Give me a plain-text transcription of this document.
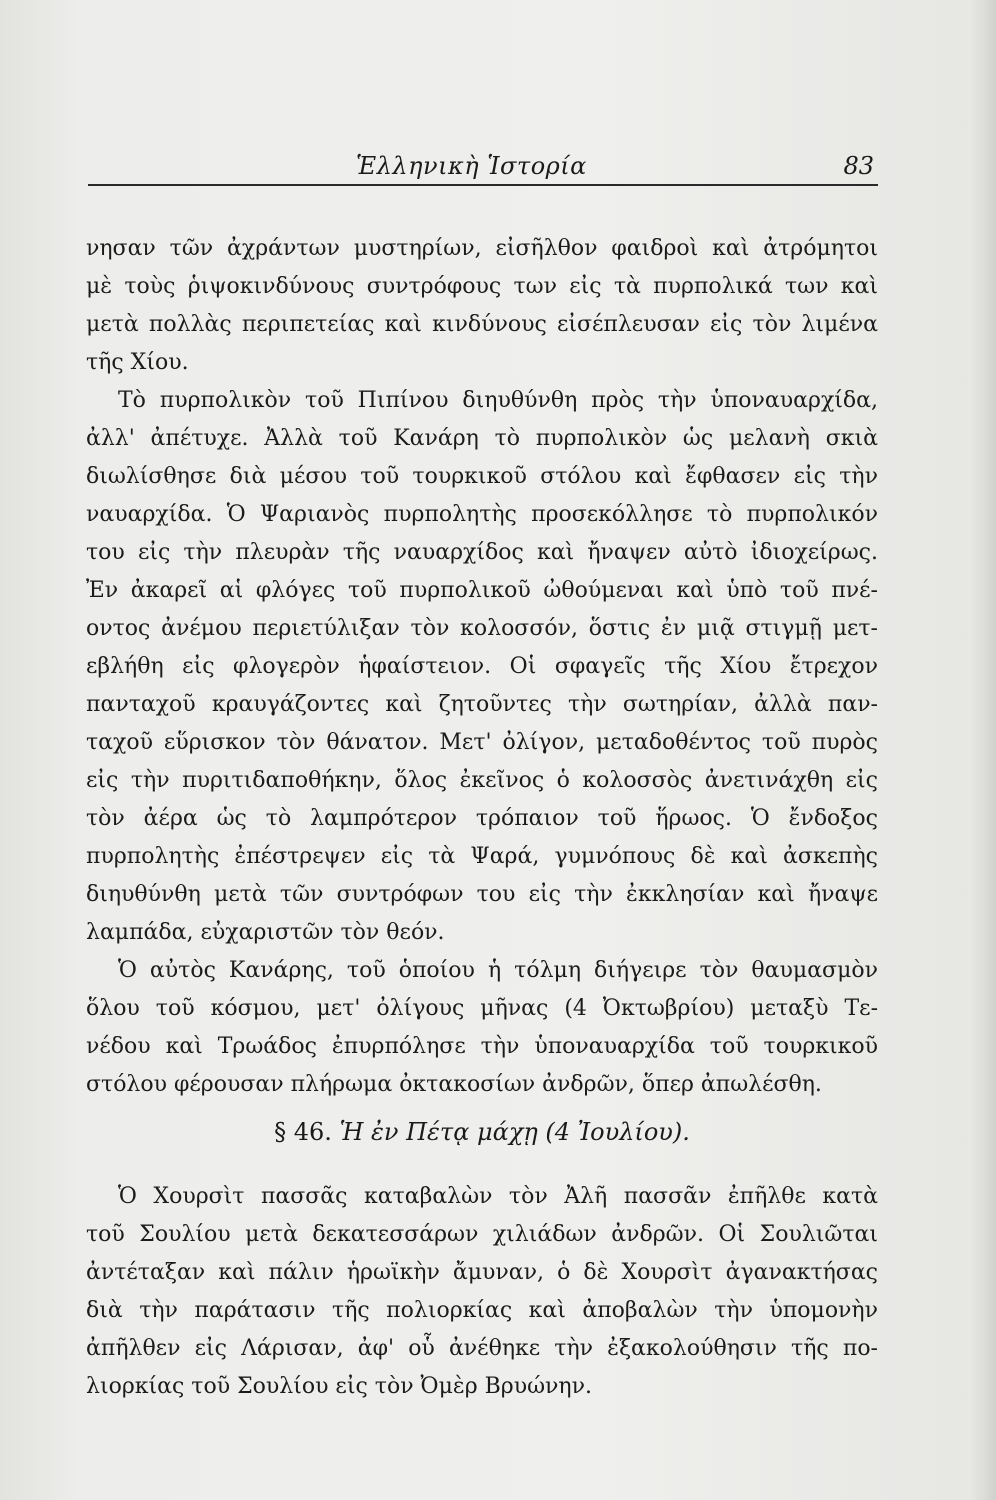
Ἑλληνικὴ Ἱστορία	83
νησαν τῶν ἀχράντων μυστηρίων, εἰσῆλθον φαιδροὶ καὶ ἀτρόμητοι
μὲ τοὺς ῥιψοκινδύνους συντρόφους των εἰς τὰ πυρπολικά των καὶ
μετὰ πολλὰς περιπετείας καὶ κινδύνους εἰσέπλευσαν εἰς τὸν λιμένα
τῆς Χίου.
Τὸ πυρπολικὸν τοῦ Πιπίνου διηυθύνθη πρὸς τὴν ὑποναυαρχίδα,
ἀλλ' ἀπέτυχε. Ἀλλὰ τοῦ Κανάρη τὸ πυρπολικὸν ὡς μελανὴ σκιὰ
διωλίσθησε διὰ μέσου τοῦ τουρκικοῦ στόλου καὶ ἔφθασεν εἰς τὴν
ναυαρχίδα. Ὁ Ψαριανὸς πυρπολητὴς προσεκόλλησε τὸ πυρπολικόν
του εἰς τὴν πλευρὰν τῆς ναυαρχίδος καὶ ἤναψεν αὐτὸ ἰδιοχείρως.
Ἐν ἀκαρεῖ αἱ φλόγες τοῦ πυρπολικοῦ ὠθούμεναι καὶ ὑπὸ τοῦ πνέ-
οντος ἀνέμου περιετύλιξαν τὸν κολοσσόν, ὅστις ἐν μιᾷ στιγμῇ μετ-
εβλήθη εἰς φλογερὸν ἡφαίστειον. Οἱ σφαγεῖς τῆς Χίου ἔτρεχον
πανταχοῦ κραυγάζοντες καὶ ζητοῦντες τὴν σωτηρίαν, ἀλλὰ παν-
ταχοῦ εὕρισκον τὸν θάνατον. Μετ' ὀλίγον, μεταδοθέντος τοῦ πυρὸς
εἰς τὴν πυριτιδαποθήκην, ὅλος ἐκεῖνος ὁ κολοσσὸς ἀνετινάχθη εἰς
τὸν ἀέρα ὡς τὸ λαμπρότερον τρόπαιον τοῦ ἥρωος. Ὁ ἔνδοξος
πυρπολητὴς ἐπέστρεψεν εἰς τὰ Ψαρά, γυμνόπους δὲ καὶ ἀσκεπὴς
διηυθύνθη μετὰ τῶν συντρόφων του εἰς τὴν ἐκκλησίαν καὶ ἤναψε
λαμπάδα, εὐχαριστῶν τὸν θεόν.
Ὁ αὐτὸς Κανάρης, τοῦ ὁποίου ἡ τόλμη διήγειρε τὸν θαυμασμὸν
ὅλου τοῦ κόσμου, μετ' ὀλίγους μῆνας (4 Ὀκτωβρίου) μεταξὺ Τε-
νέδου καὶ Τρωάδος ἐπυρπόλησε τὴν ὑποναυαρχίδα τοῦ τουρκικοῦ
στόλου φέρουσαν πλήρωμα ὀκτακοσίων ἀνδρῶν, ὅπερ ἀπωλέσθη.
§ 46. Ἡ ἐν Πέτᾳ μάχῃ (4 Ἰουλίου).
Ὁ Χουρσὶτ πασσᾶς καταβαλὼν τὸν Ἀλῆ πασσᾶν ἐπῆλθε κατὰ
τοῦ Σουλίου μετὰ δεκατεσσάρων χιλιάδων ἀνδρῶν. Οἱ Σουλιῶται
ἀντέταξαν καὶ πάλιν ἡρωϊκὴν ἄμυναν, ὁ δὲ Χουρσὶτ ἀγανακτήσας
διὰ τὴν παράτασιν τῆς πολιορκίας καὶ ἀποβαλὼν τὴν ὑπομονὴν
ἀπῆλθεν εἰς Λάρισαν, ἀφ' οὗ ἀνέθηκε τὴν ἐξακολούθησιν τῆς πο-
λιορκίας τοῦ Σουλίου εἰς τὸν Ὀμὲρ Βρυώνην.
